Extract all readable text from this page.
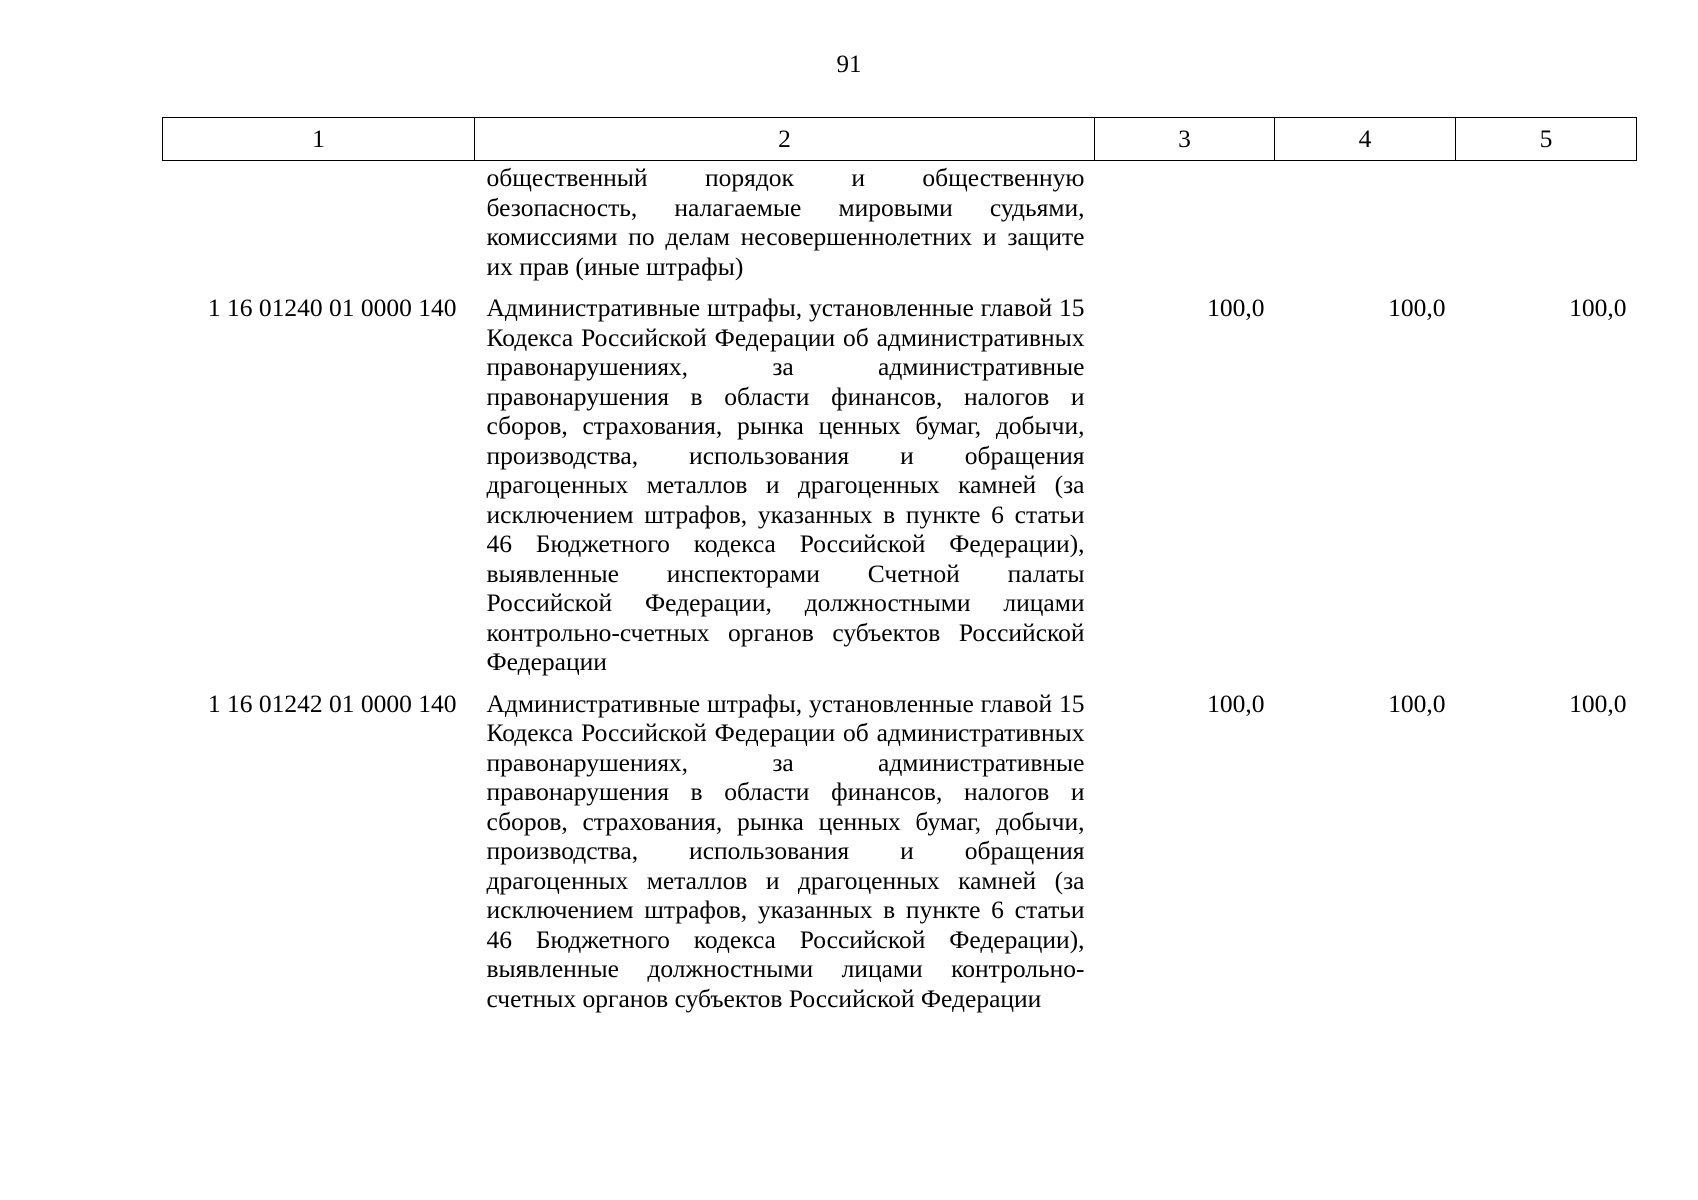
91
1	2	3	4	5
	общественный порядок и общественную безопасность, налагаемые мировыми судьями, комиссиями по делам несовершеннолетних и защите их прав (иные штрафы)			
1 16 01240 01 0000 140	Административные штрафы, установленные главой 15 Кодекса Российской Федерации об административных правонарушениях, за административные правонарушения в области финансов, налогов и сборов, страхования, рынка ценных бумаг, добычи, производства, использования и обращения драгоценных металлов и драгоценных камней (за исключением штрафов, указанных в пункте 6 статьи 46 Бюджетного кодекса Российской Федерации), выявленные инспекторами Счетной палаты Российской Федерации, должностными лицами контрольно-счетных органов субъектов Российской Федерации	100,0	100,0	100,0
1 16 01242 01 0000 140	Административные штрафы, установленные главой 15 Кодекса Российской Федерации об административных правонарушениях, за административные правонарушения в области финансов, налогов и сборов, страхования, рынка ценных бумаг, добычи, производства, использования и обращения драгоценных металлов и драгоценных камней (за исключением штрафов, указанных в пункте 6 статьи 46 Бюджетного кодекса Российской Федерации), выявленные должностными лицами контрольно-счетных органов субъектов Российской Федерации	100,0	100,0	100,0
